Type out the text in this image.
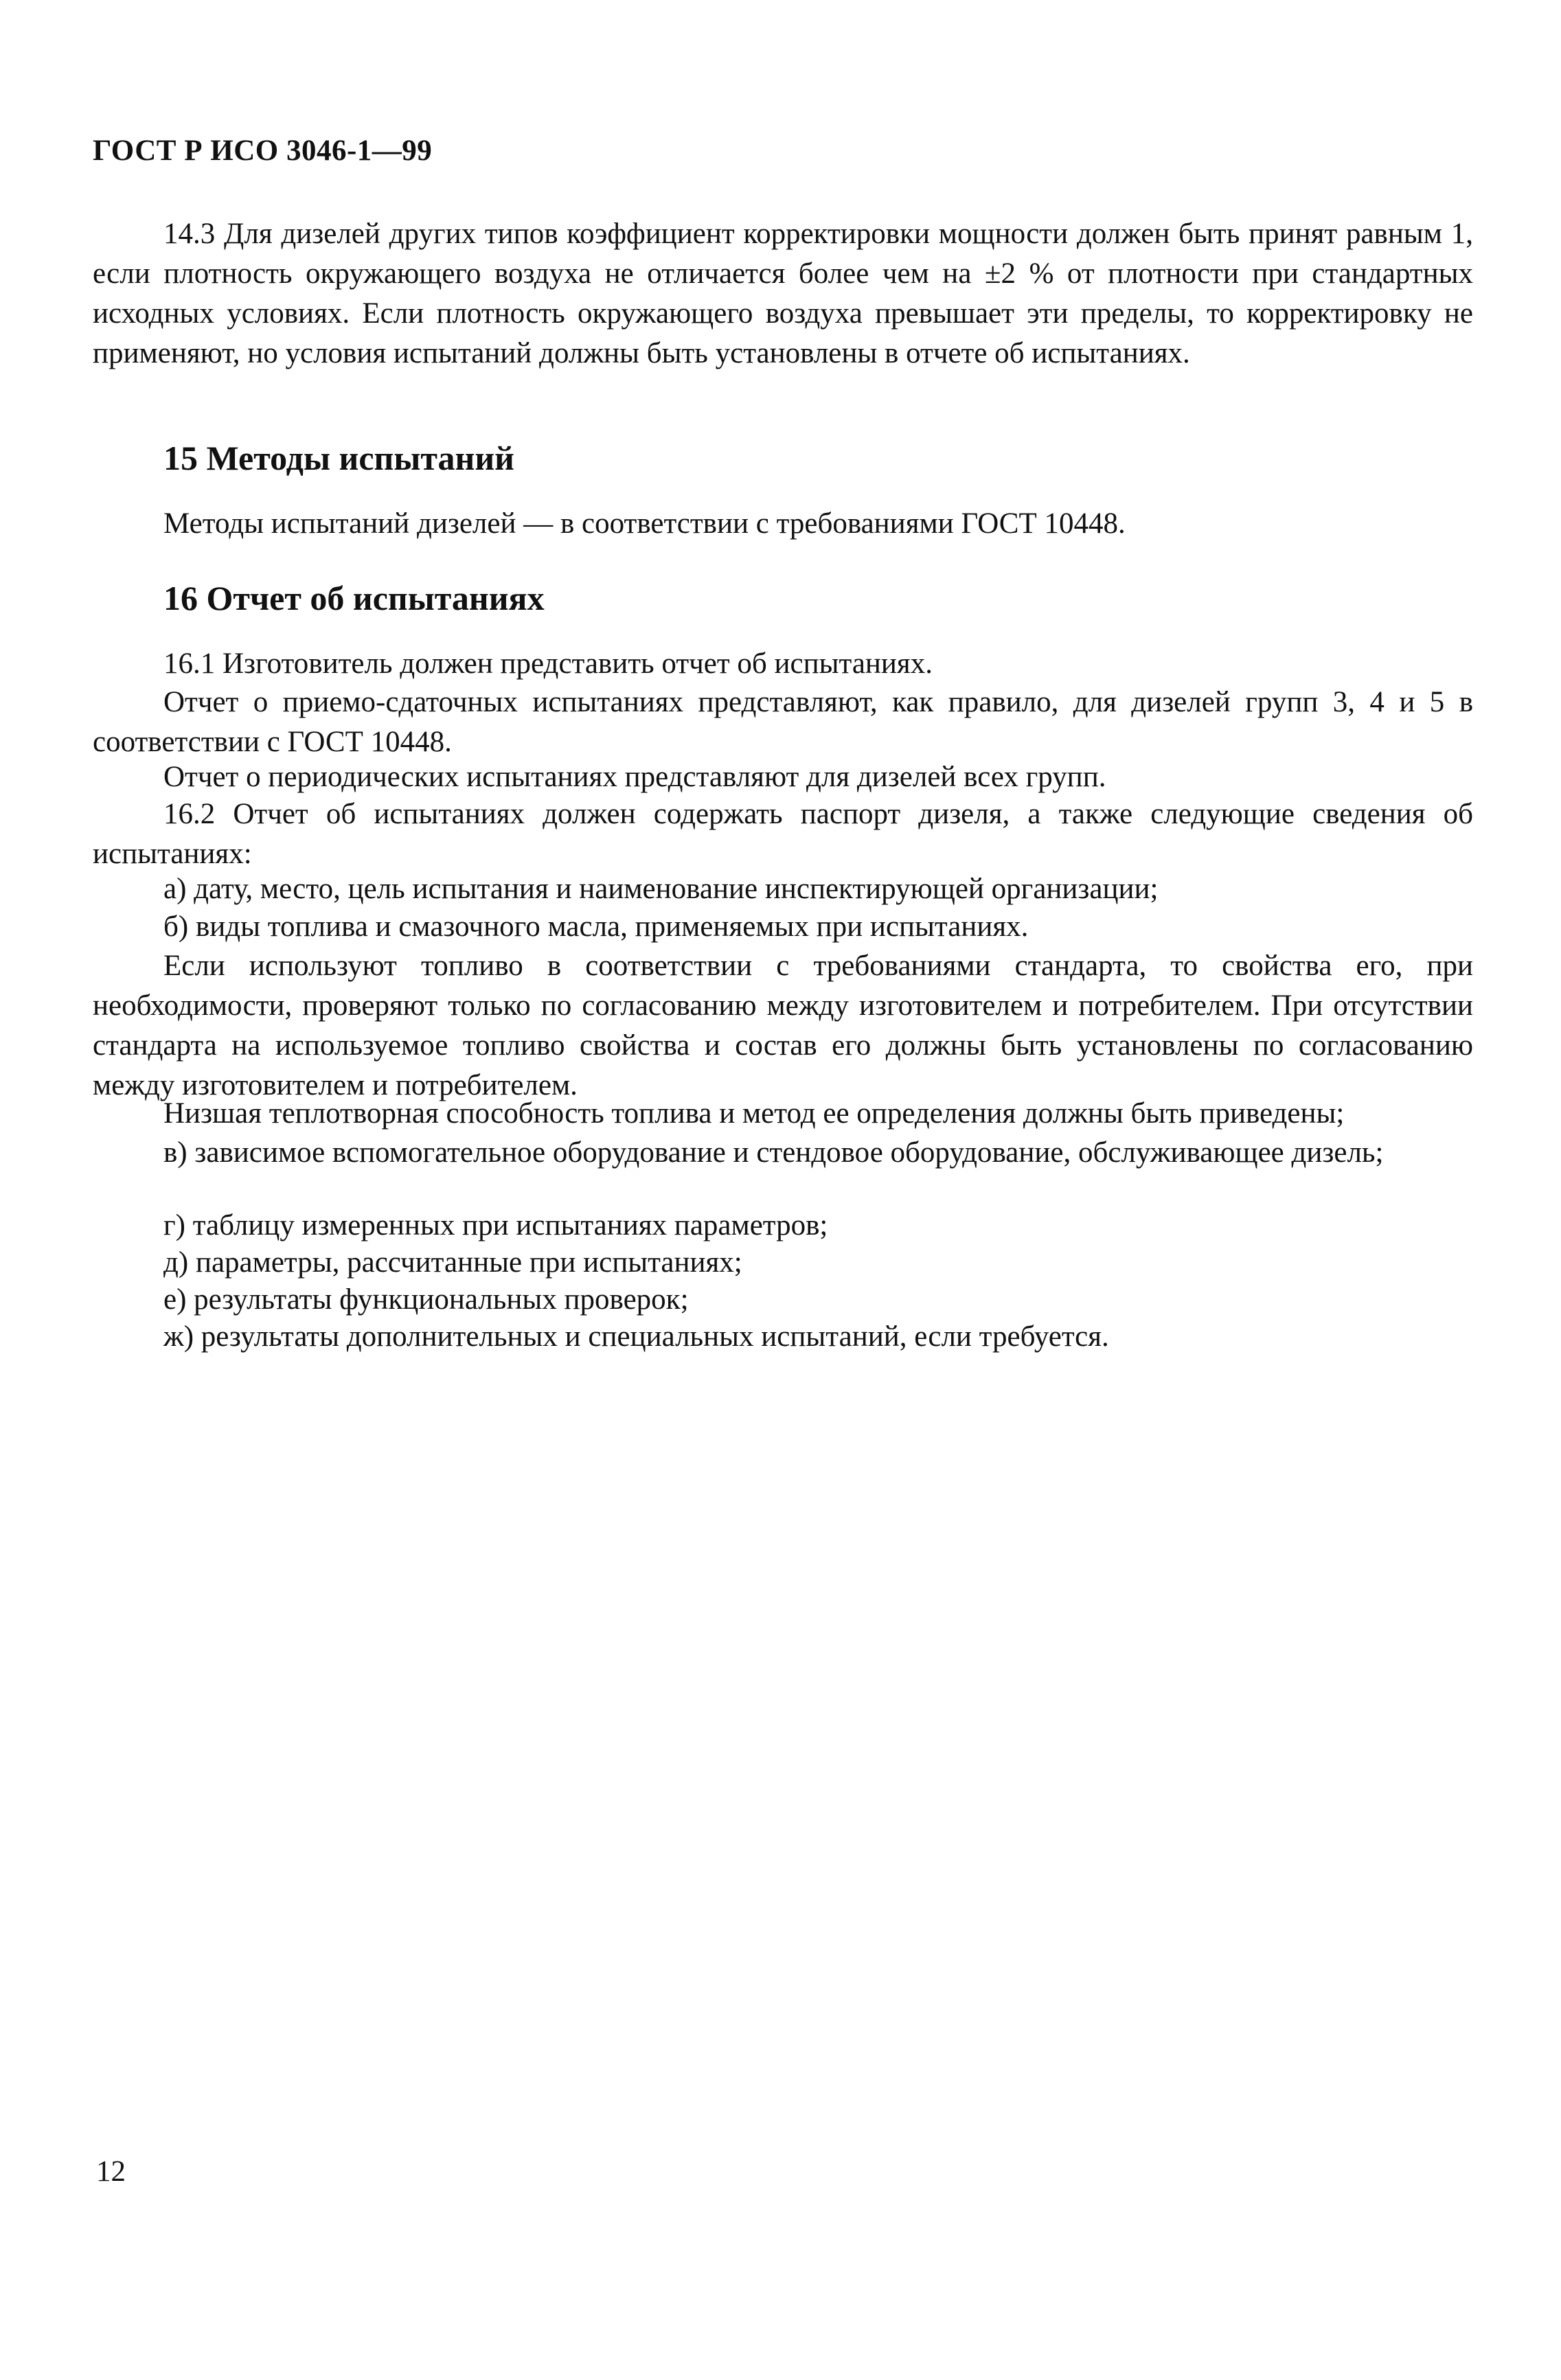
ГОСТ Р ИСО 3046-1—99

14.3 Для дизелей других типов коэффициент корректировки мощности должен быть принят равным 1, если плотность окружающего воздуха не отличается более чем на ±2 % от плотности при стандартных исходных условиях. Если плотность окружающего воздуха превышает эти пределы, то корректировку не применяют, но условия испытаний должны быть установлены в отчете об испытаниях.

15 Методы испытаний
Методы испытаний дизелей — в соответствии с требованиями ГОСТ 10448.
16 Отчет об испытаниях
16.1 Изготовитель должен представить отчет об испытаниях.

Отчет о приемо-сдаточных испытаниях представляют, как правило, для дизелей групп 3, 4 и 5 в соответствии с ГОСТ 10448.

Отчет о периодических испытаниях представляют для дизелей всех групп.

16.2 Отчет об испытаниях должен содержать паспорт дизеля, а также следующие сведения об испытаниях:

а) дату, место, цель испытания и наименование инспектирующей организации;
б) виды топлива и смазочного масла, применяемых при испытаниях.

Если используют топливо в соответствии с требованиями стандарта, то свойства его, при необходимости, проверяют только по согласованию между изготовителем и потребителем. При отсутствии стандарта на используемое топливо свойства и состав его должны быть установлены по согласованию между изготовителем и потребителем.

Низшая теплотворная способность топлива и метод ее определения должны быть приведены;

в) зависимое вспомогательное оборудование и стендовое оборудование, обслуживающее дизель;

г) таблицу измеренных при испытаниях параметров;
д) параметры, рассчитанные при испытаниях;
е) результаты функциональных проверок;
ж) результаты дополнительных и специальных испытаний, если требуется.
12
